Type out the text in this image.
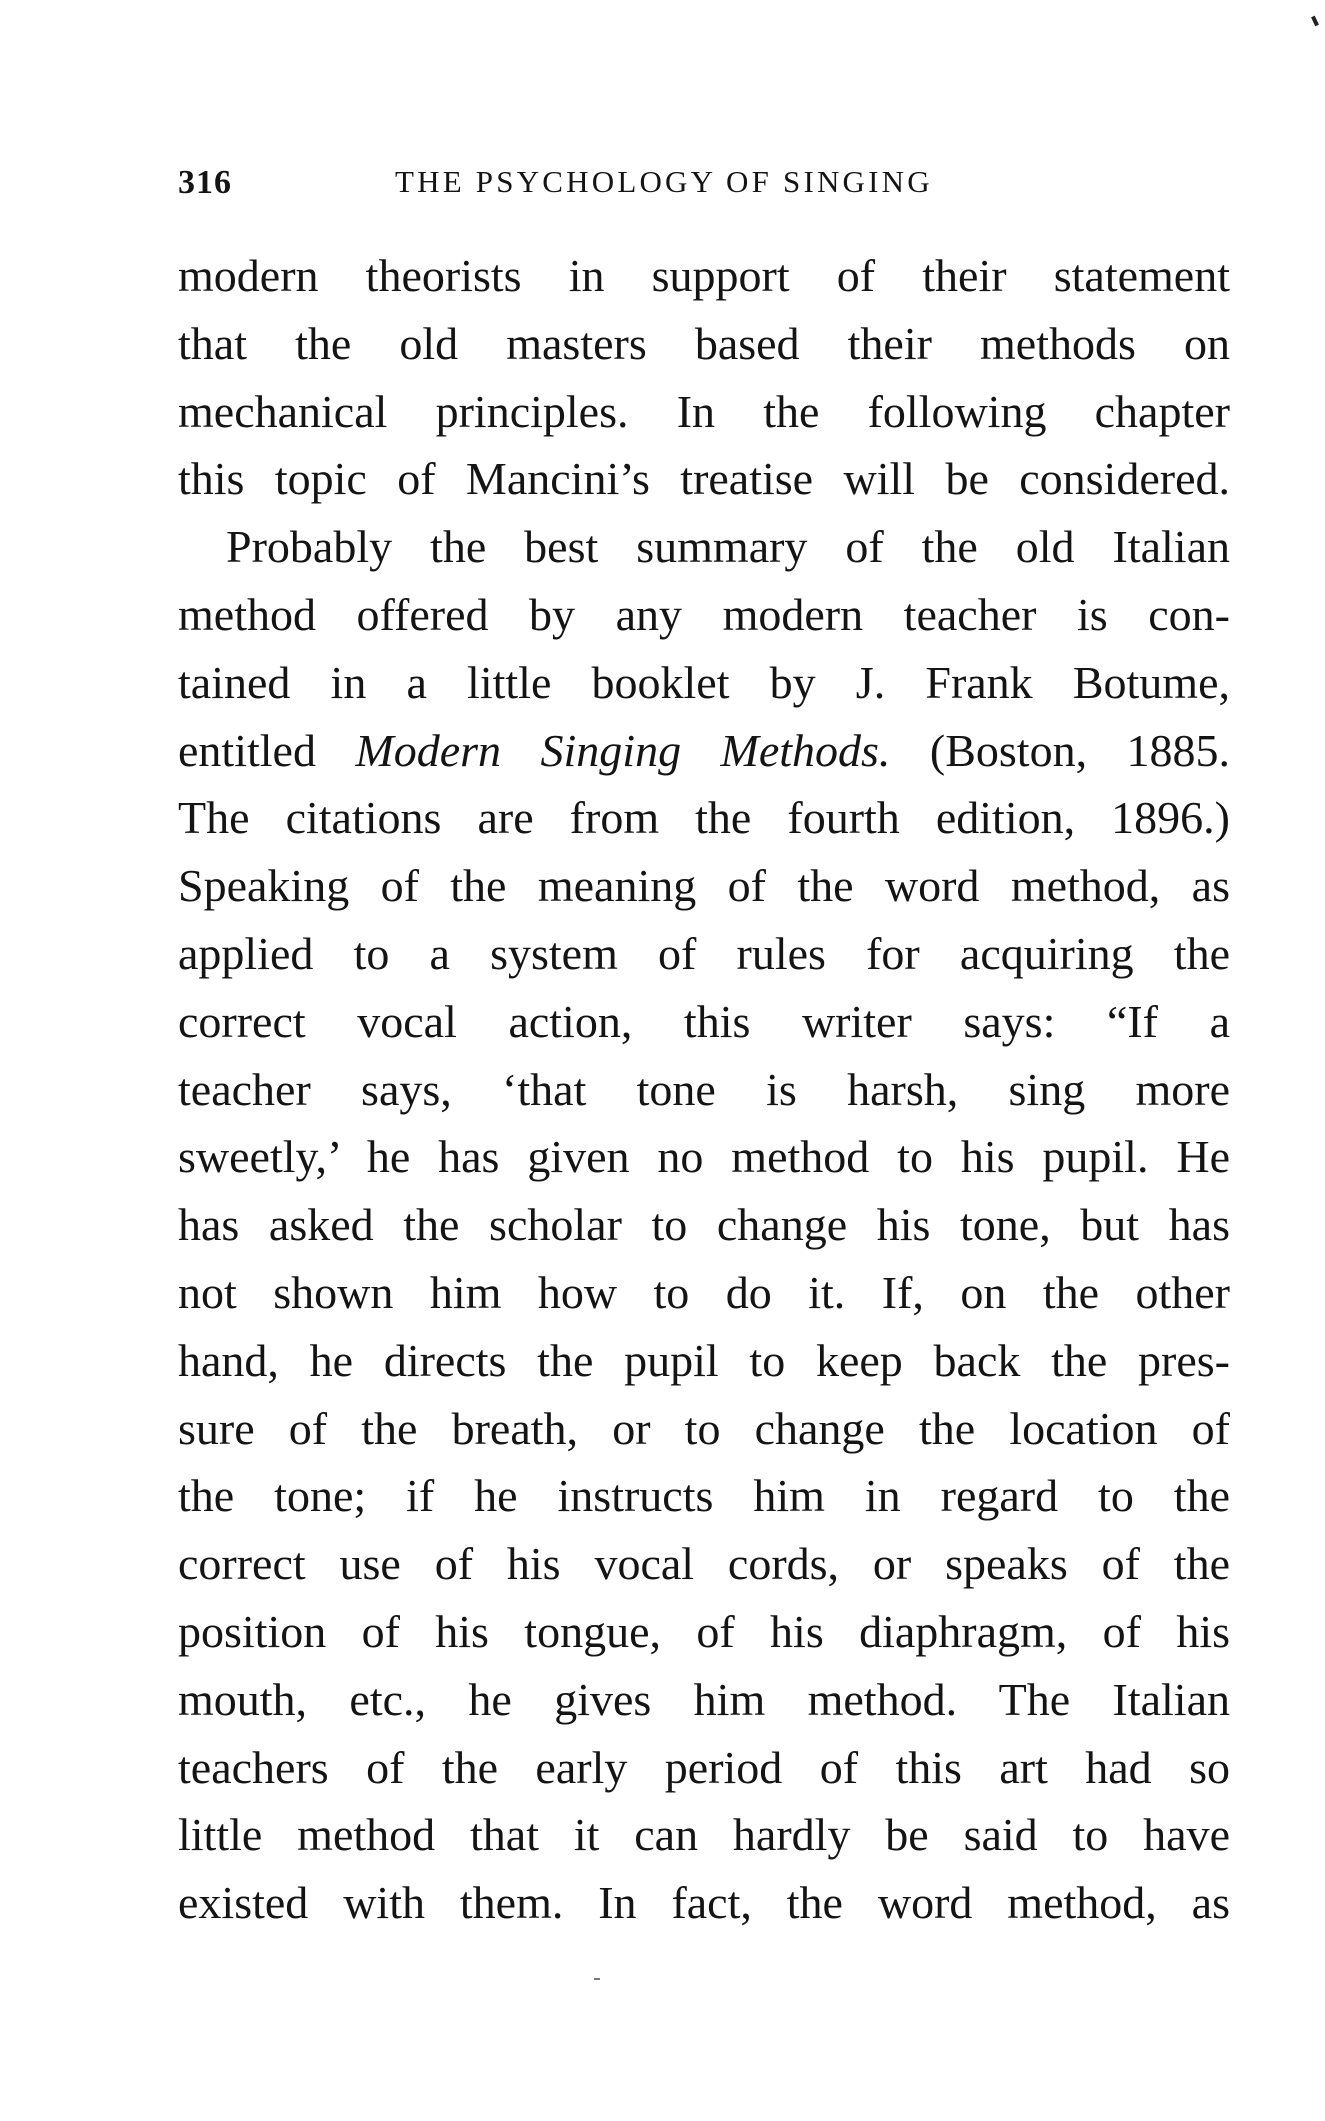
316	THE PSYCHOLOGY OF SINGING

modern theorists in support of their statement

that the old masters based their methods on

mechanical principles. In the following chapter

this topic of Mancini’s treatise will be considered.

Probably the best summary of the old Italian

method offered by any modern teacher is con-

tained in a little booklet by J. Frank Botume,

entitled Modern Singing Methods. (Boston, 1885.

The citations are from the fourth edition, 1896.)

Speaking of the meaning of the word method, as

applied to a system of rules for acquiring the

correct vocal action, this writer says: “If a

teacher says, ‘that tone is harsh, sing more

sweetly,’ he has given no method to his pupil. He

has asked the scholar to change his tone, but has

not shown him how to do it. If, on the other

hand, he directs the pupil to keep back the pres-

sure of the breath, or to change the location of

the tone; if he instructs him in regard to the

correct use of his vocal cords, or speaks of the

position of his tongue, of his diaphragm, of his

mouth, etc., he gives him method. The Italian

teachers of the early period of this art had so

little method that it can hardly be said to have

existed with them. In fact, the word method, as
